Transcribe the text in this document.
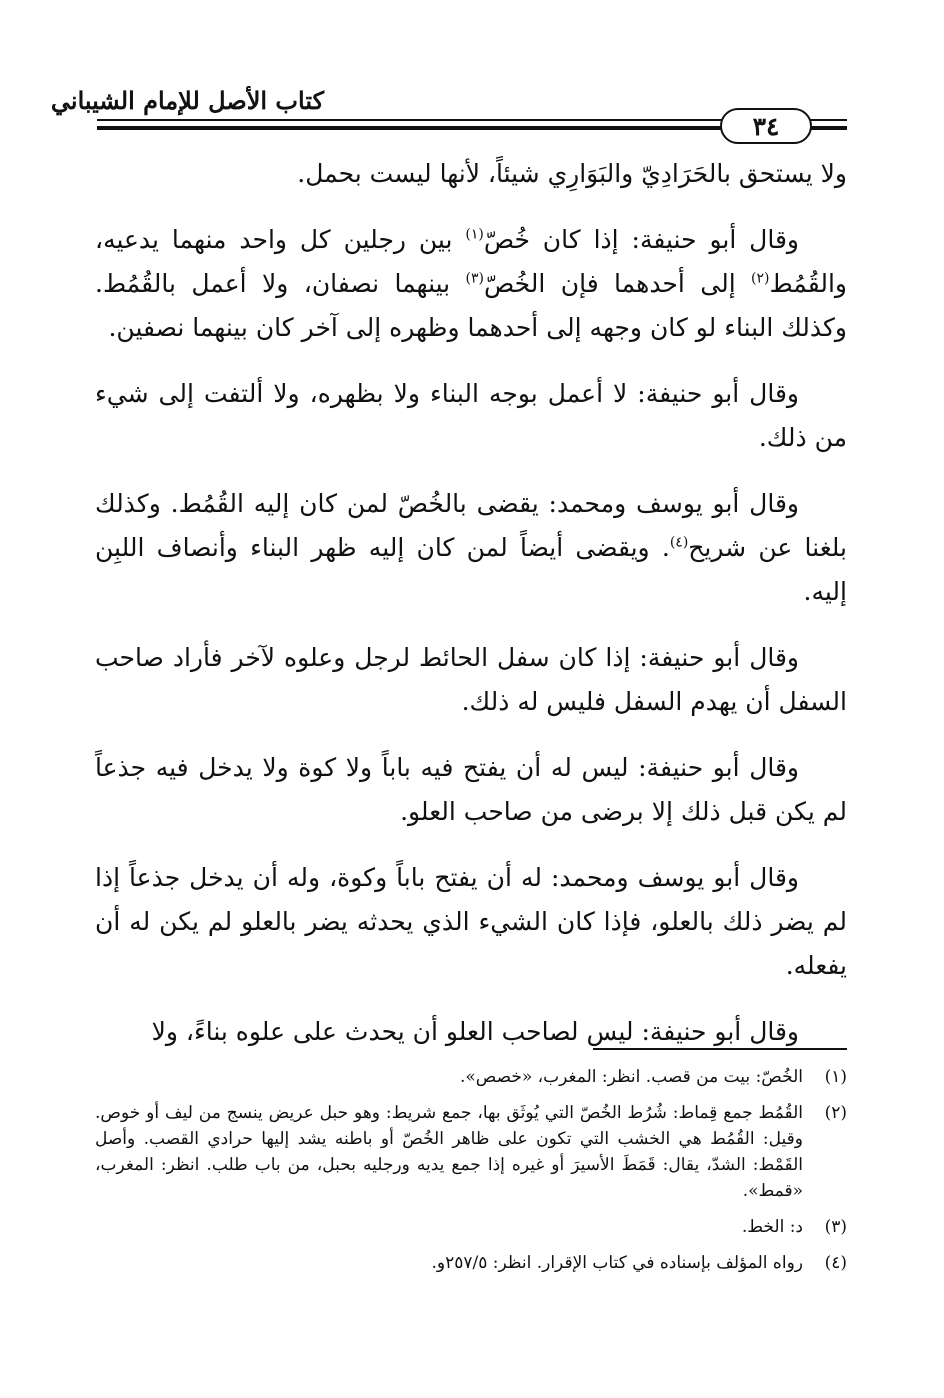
كتاب الأصل للإمام الشيباني
٣٤

ولا يستحق بالحَرَادِيّ والبَوَارِي شيئاً، لأنها ليست بحمل.

وقال أبو حنيفة: إذا كان خُصّ$^{(١)}$ بين رجلين كل واحد منهما يدعيه، والقُمُط$^{(٢)}$ إلى أحدهما فإن الخُصّ$^{(٣)}$ بينهما نصفان، ولا أعمل بالقُمُط. وكذلك البناء لو كان وجهه إلى أحدهما وظهره إلى آخر كان بينهما نصفين.

وقال أبو حنيفة: لا أعمل بوجه البناء ولا بظهره، ولا ألتفت إلى شيء من ذلك.

وقال أبو يوسف ومحمد: يقضى بالخُصّ لمن كان إليه القُمُط. وكذلك بلغنا عن شريح$^{(٤)}$. ويقضى أيضاً لمن كان إليه ظهر البناء وأنصاف اللبِن إليه.

وقال أبو حنيفة: إذا كان سفل الحائط لرجل وعلوه لآخر فأراد صاحب السفل أن يهدم السفل فليس له ذلك.

وقال أبو حنيفة: ليس له أن يفتح فيه باباً ولا كوة ولا يدخل فيه جذعاً لم يكن قبل ذلك إلا برضى من صاحب العلو.

وقال أبو يوسف ومحمد: له أن يفتح باباً وكوة، وله أن يدخل جذعاً إذا لم يضر ذلك بالعلو، فإذا كان الشيء الذي يحدثه يضر بالعلو لم يكن له أن يفعله.

وقال أبو حنيفة: ليس لصاحب العلو أن يحدث على علوه بناءً، ولا

(١)
الخُصّ: بيت من قصب. انظر: المغرب، «خصص».
(٢)
القُمُط جمع قِماط: شُرُط الخُصّ التي يُوثَق بها، جمع شريط: وهو حبل عريض ينسج من ليف أو خوص. وقيل: القُمُط هي الخشب التي تكون على ظاهر الخُصّ أو باطنه يشد إليها حرادي القصب. وأصل القَمْط: الشدّ، يقال: قَمَطَ الأسيرَ أو غيره إذا جمع يديه ورجليه بحبل، من باب طلب. انظر: المغرب، «قمط».
(٣)
د: الخط.
(٤)
رواه المؤلف بإسناده في كتاب الإقرار. انظر: ٢٥٧/٥و.
